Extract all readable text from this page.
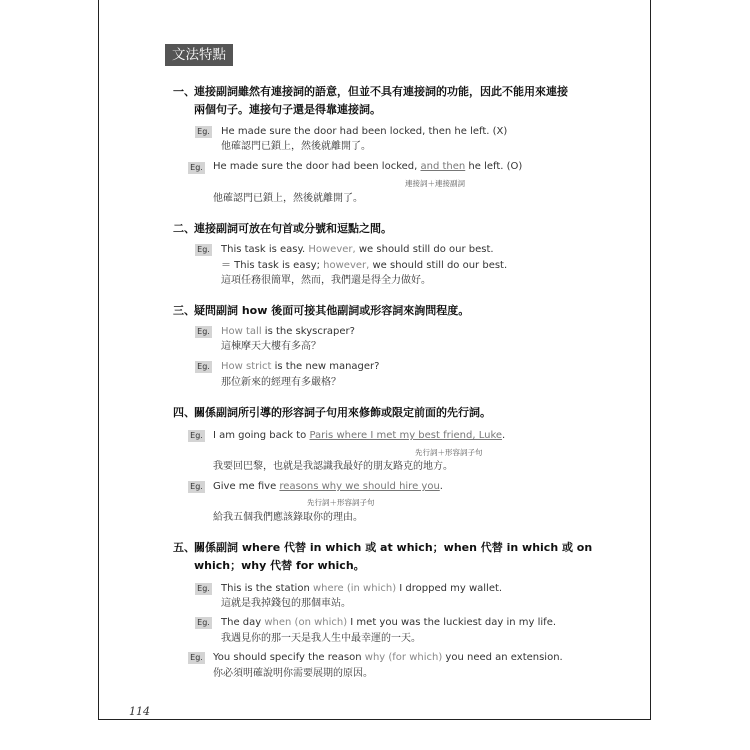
文法特點
一、 連接副詞雖然有連接詞的語意，但並不具有連接詞的功能，因此不能用來連接
兩個句子。連接句子還是得靠連接詞。
Eg. He made sure the door had been locked, then he left. (X)
他確認門已鎖上，然後就離開了。
Eg. He made sure the door had been locked, and then he left. (O)
連接詞＋連接副詞
他確認門已鎖上，然後就離開了。
二、 連接副詞可放在句首或分號和逗點之間。
Eg. This task is easy. However, we should still do our best.
＝ This task is easy; however, we should still do our best.
這項任務很簡單，然而，我們還是得全力做好。
三、 疑問副詞 how 後面可接其他副詞或形容詞來詢問程度。
Eg. How tall is the skyscraper?
這棟摩天大樓有多高？
Eg. How strict is the new manager?
那位新來的經理有多嚴格？
四、 關係副詞所引導的形容詞子句用來修飾或限定前面的先行詞。
Eg. I am going back to Paris where I met my best friend, Luke.
先行詞＋形容詞子句
我要回巴黎，也就是我認識我最好的朋友路克的地方。
Eg. Give me five reasons why we should hire you.
先行詞＋形容詞子句
給我五個我們應該錄取你的理由。
五、 關係副詞 where 代替 in which 或 at which；when 代替 in which 或 on
which；why 代替 for which。
Eg. This is the station where (in which) I dropped my wallet.
這就是我掉錢包的那個車站。
Eg. The day when (on which) I met you was the luckiest day in my life.
我遇見你的那一天是我人生中最幸運的一天。
Eg. You should specify the reason why (for which) you need an extension.
你必須明確說明你需要展期的原因。
114
